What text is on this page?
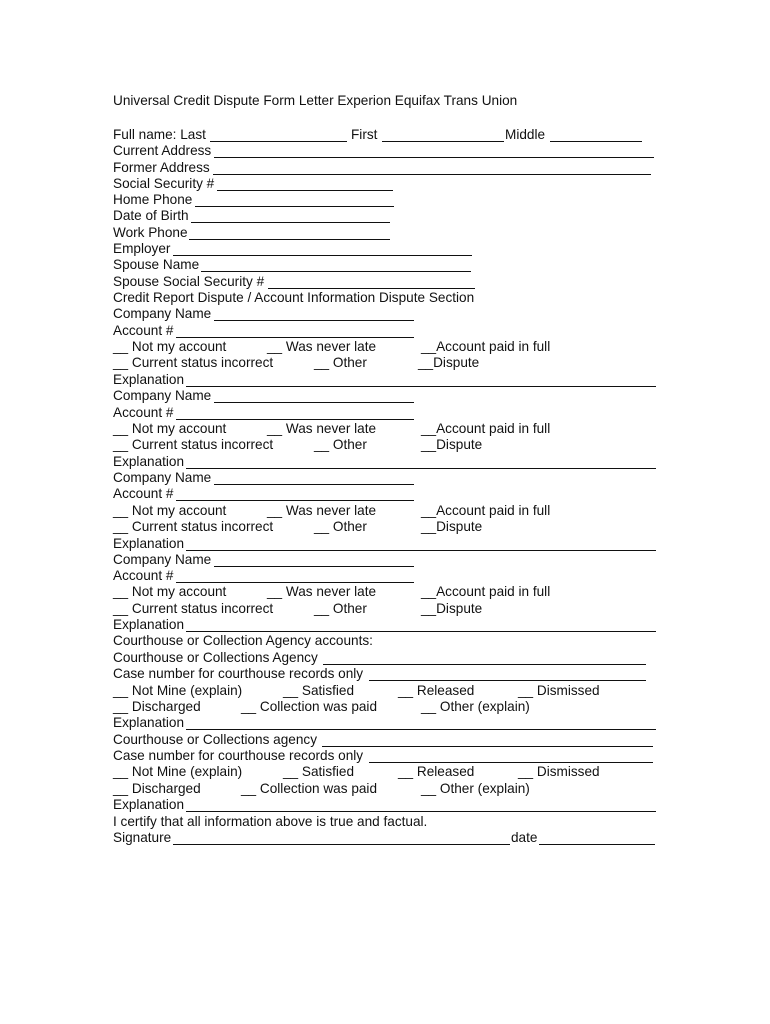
Universal Credit Dispute Form Letter Experion Equifax Trans Union
Full name: Last	First	Middle
Current Address
Former Address
Social Security #
Home Phone
Date of Birth
Work Phone
Employer
Spouse Name
Spouse Social Security #
Credit Report Dispute / Account Information Dispute Section
Company Name
Account #
__ Not my account	__ Was never late	__Account paid in full
__ Current status incorrect	__ Other	__Dispute
Explanation
Company Name
Account #
__ Not my account	__ Was never late	__Account paid in full
__ Current status incorrect	__ Other	__Dispute
Explanation
Company Name
Account #
__ Not my account	__ Was never late	__Account paid in full
__ Current status incorrect	__ Other	__Dispute
Explanation
Company Name
Account #
__ Not my account	__ Was never late	__Account paid in full
__ Current status incorrect	__ Other	__Dispute
Explanation
Courthouse or Collection Agency accounts:
Courthouse or Collections Agency
Case number for courthouse records only
__ Not Mine (explain)	__ Satisfied	__ Released	__ Dismissed
__ Discharged	__ Collection was paid	__ Other (explain)
Explanation
Courthouse or Collections agency
Case number for courthouse records only
__ Not Mine (explain)	__ Satisfied	__ Released	__ Dismissed
__ Discharged	__ Collection was paid	__ Other (explain)
Explanation
I certify that all information above is true and factual.
Signature	date
